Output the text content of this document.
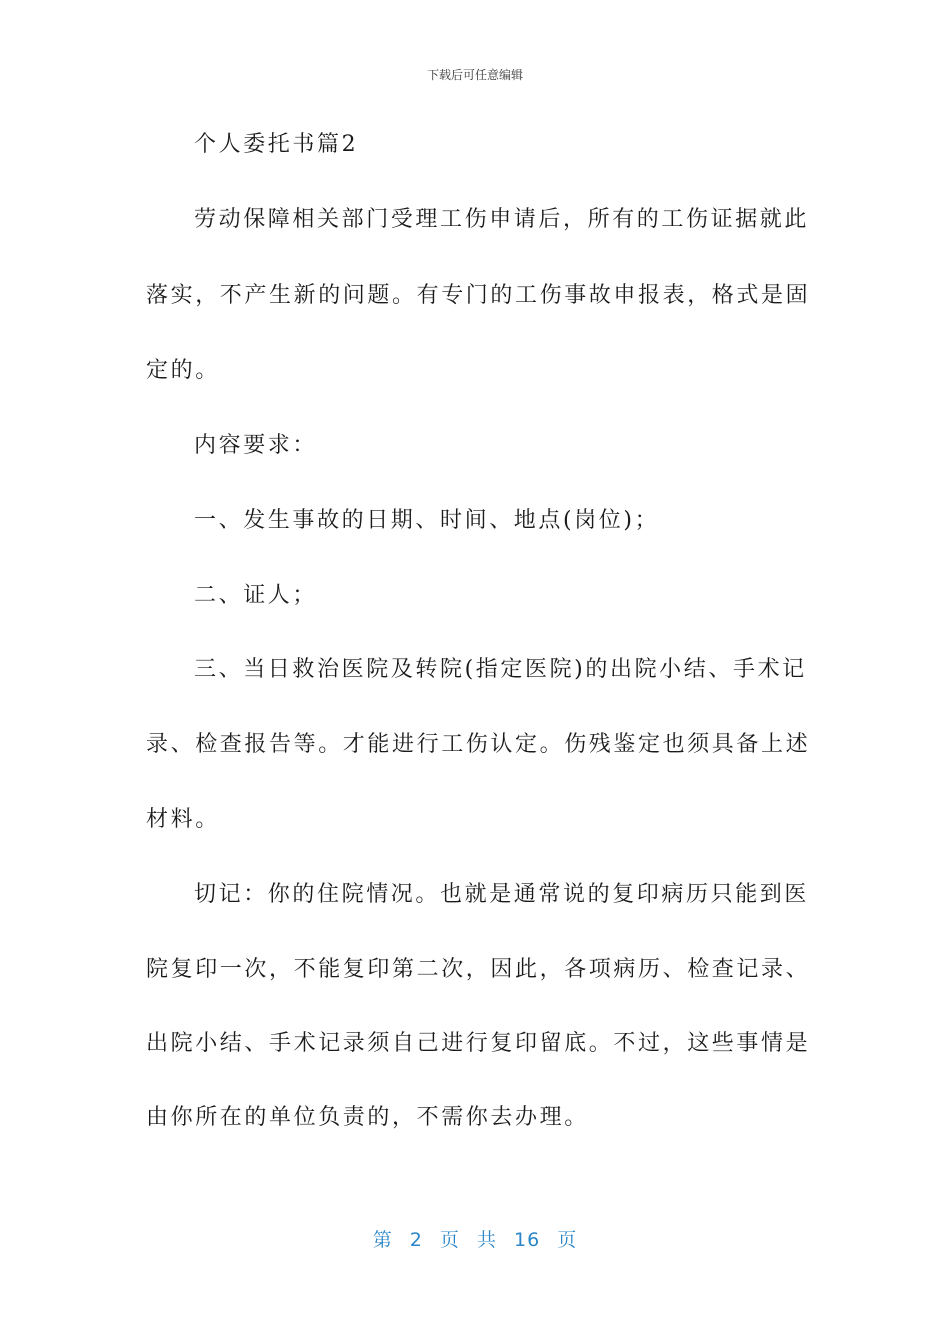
下载后可任意编辑
个人委托书篇2
劳动保障相关部门受理工伤申请后，所有的工伤证据就此
落实，不产生新的问题。有专门的工伤事故申报表，格式是固
定的。
内容要求：
一、发生事故的日期、时间、地点(岗位)；
二、证人；
三、当日救治医院及转院(指定医院)的出院小结、手术记
录、检查报告等。才能进行工伤认定。伤残鉴定也须具备上述
材料。
切记：你的住院情况。也就是通常说的复印病历只能到医
院复印一次，不能复印第二次，因此，各项病历、检查记录、
出院小结、手术记录须自己进行复印留底。不过，这些事情是
由你所在的单位负责的，不需你去办理。
第 2 页 共 16 页
